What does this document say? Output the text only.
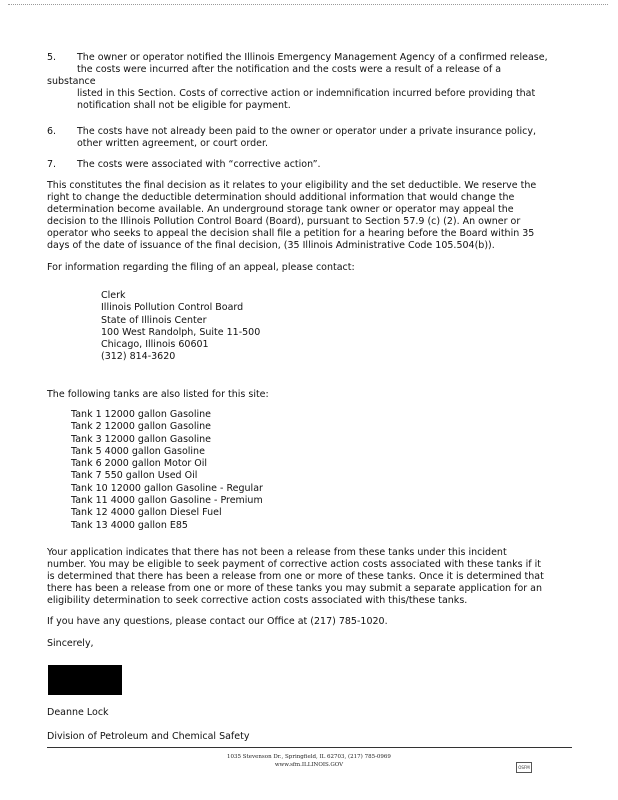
5.	The owner or operator notified the Illinois Emergency Management Agency of a confirmed release,
the costs were incurred after the notification and the costs were a result of a release of a
substance
listed in this Section. Costs of corrective action or indemnification incurred before providing that
notification shall not be eligible for payment.
6.	The costs have not already been paid to the owner or operator under a private insurance policy,
other written agreement, or court order.
7.	The costs were associated with “corrective action”.
This constitutes the final decision as it relates to your eligibility and the set deductible. We reserve the
right to change the deductible determination should additional information that would change the
determination become available. An underground storage tank owner or operator may appeal the
decision to the Illinois Pollution Control Board (Board), pursuant to Section 57.9 (c) (2). An owner or
operator who seeks to appeal the decision shall file a petition for a hearing before the Board within 35
days of the date of issuance of the final decision, (35 Illinois Administrative Code 105.504(b)).
For information regarding the filing of an appeal, please contact:
Clerk
Illinois Pollution Control Board
State of Illinois Center
100 West Randolph, Suite 11-500
Chicago, Illinois 60601
(312) 814-3620
The following tanks are also listed for this site:
Tank 1 12000 gallon Gasoline
Tank 2 12000 gallon Gasoline
Tank 3 12000 gallon Gasoline
Tank 5 4000 gallon Gasoline
Tank 6 2000 gallon Motor Oil
Tank 7 550 gallon Used Oil
Tank 10 12000 gallon Gasoline - Regular
Tank 11 4000 gallon Gasoline - Premium
Tank 12 4000 gallon Diesel Fuel
Tank 13 4000 gallon E85
Your application indicates that there has not been a release from these tanks under this incident
number. You may be eligible to seek payment of corrective action costs associated with these tanks if it
is determined that there has been a release from one or more of these tanks. Once it is determined that
there has been a release from one or more of these tanks you may submit a separate application for an
eligibility determination to seek corrective action costs associated with this/these tanks.
If you have any questions, please contact our Office at (217) 785-1020.
Sincerely,
Deanne Lock
Division of Petroleum and Chemical Safety
1035 Stevenson Dr., Springfield, IL 62703, (217) 785-0969
www.sfm.ILLINOIS.GOV	OSFM
